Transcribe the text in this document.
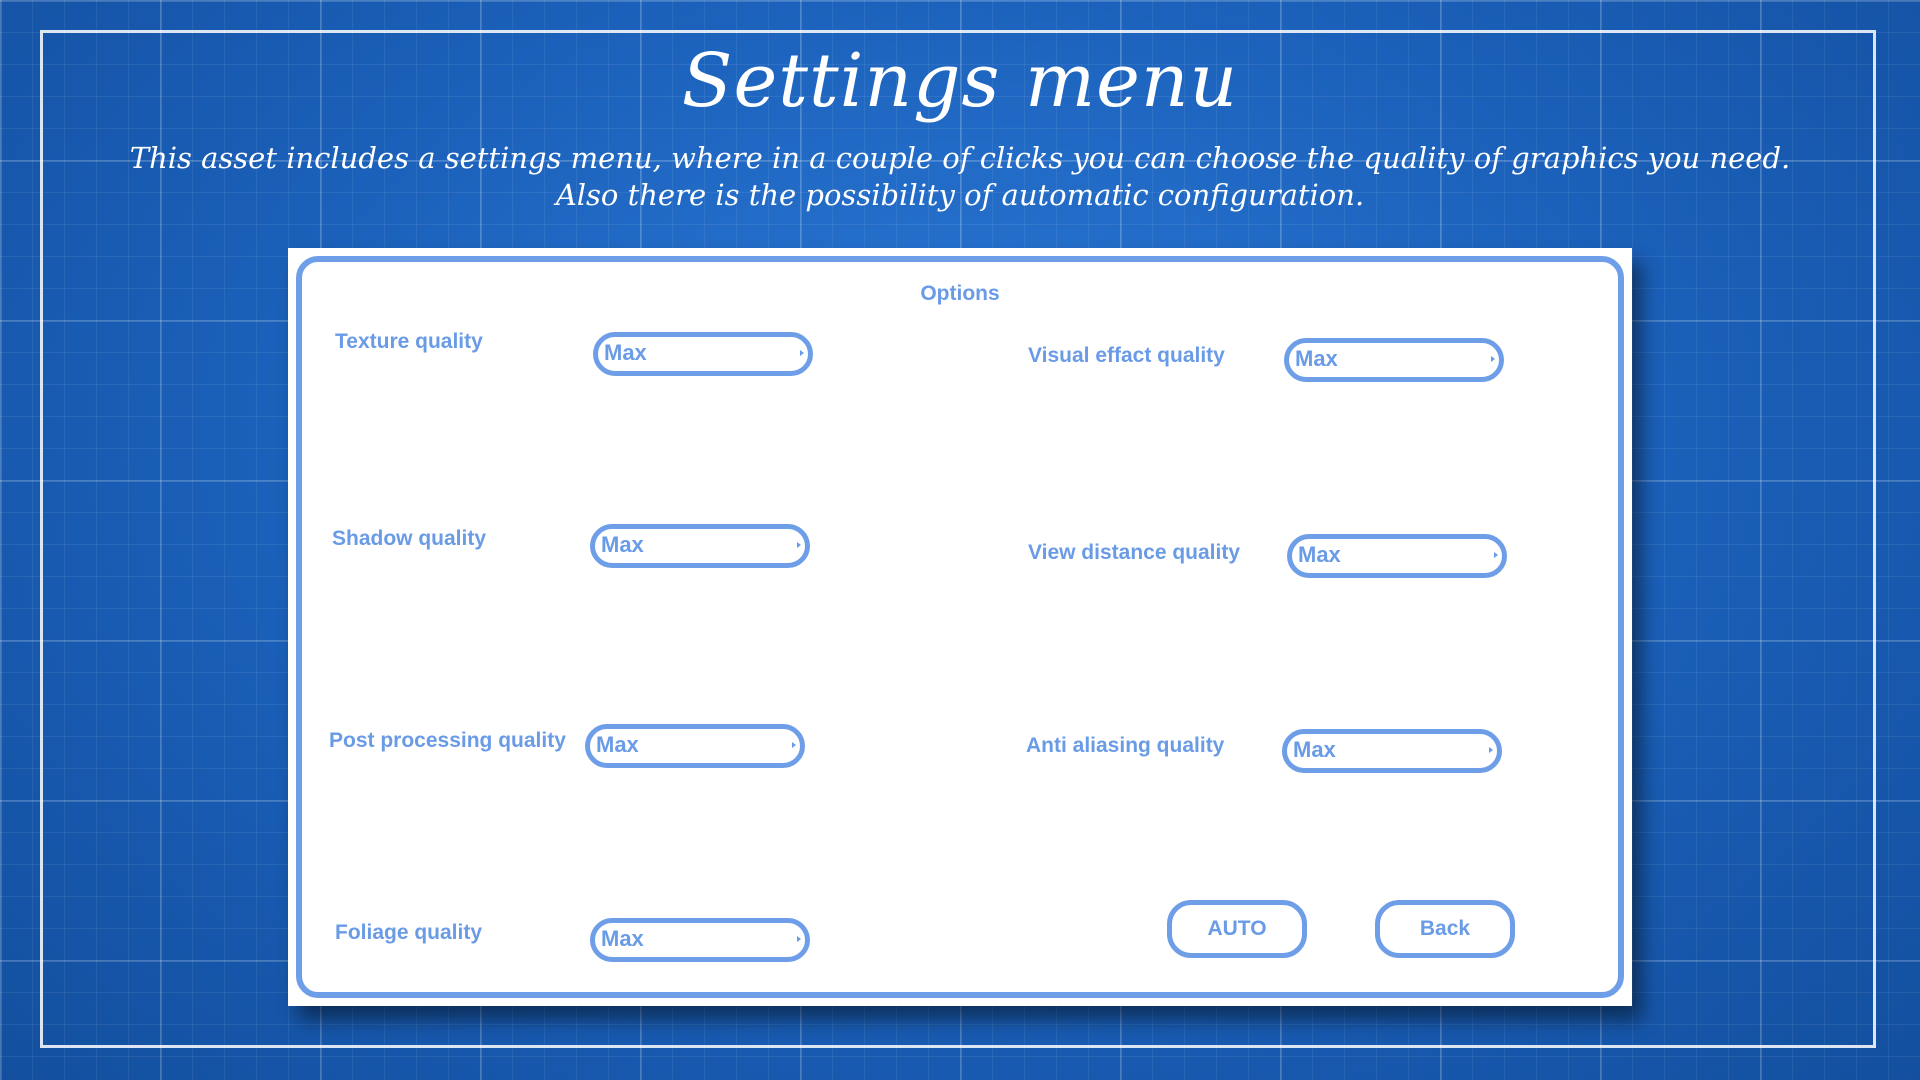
Settings menu
This asset includes a settings menu, where in a couple of clicks you can choose the quality of graphics you need.
Also there is the possibility of automatic configuration.
Options
Texture quality	Max
Shadow quality	Max
Post processing quality Max
Foliage quality	Max
Visual effact quality	Max
View distance quality	Max
Anti aliasing quality	Max
AUTO	Back
